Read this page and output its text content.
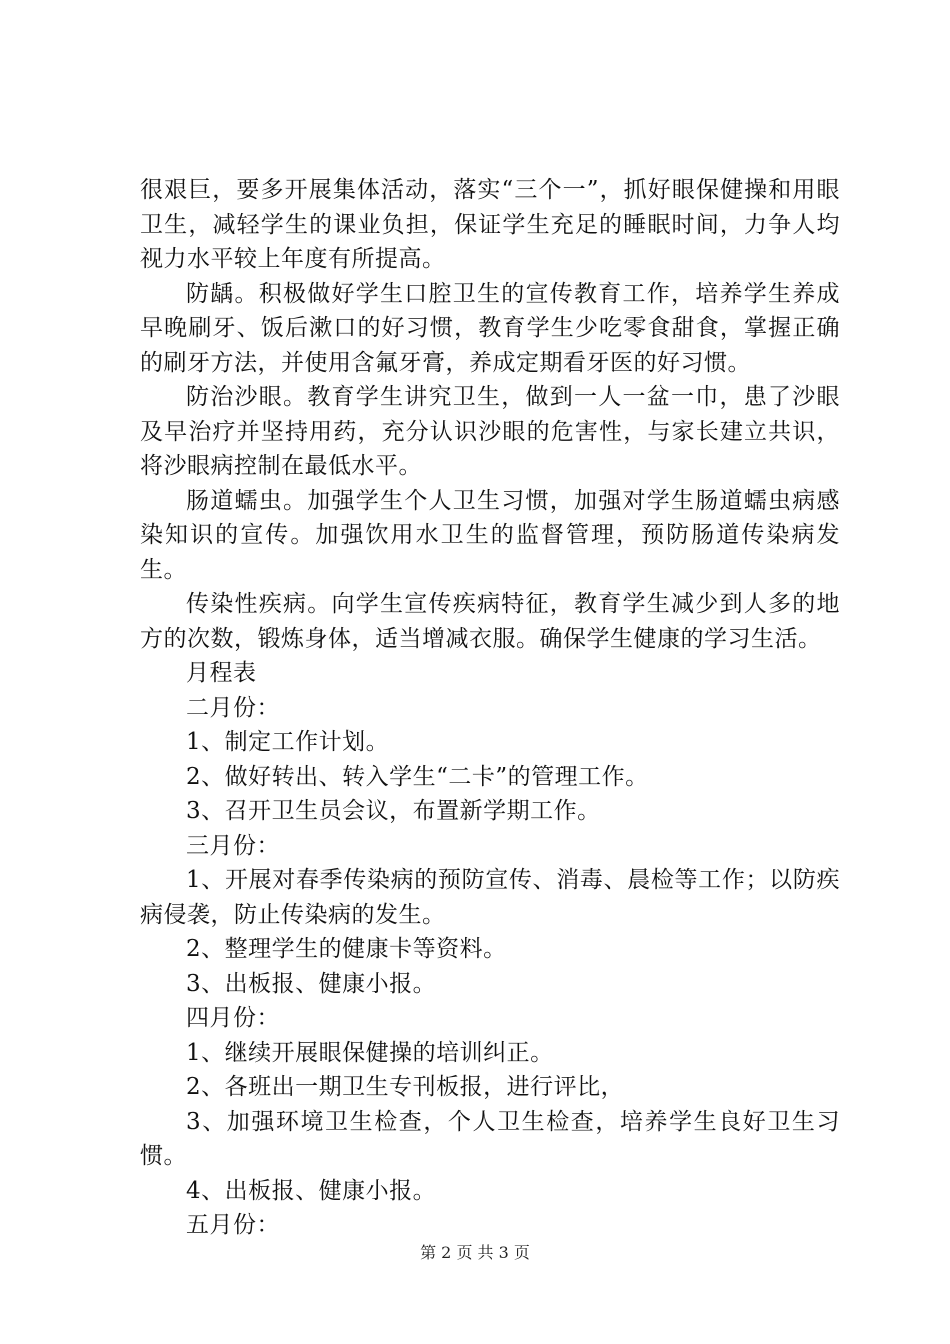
很艰巨，要多开展集体活动，落实“三个一”，抓好眼保健操和用眼卫生，减轻学生的课业负担，保证学生充足的睡眠时间，力争人均视力水平较上年度有所提高。

防龋。积极做好学生口腔卫生的宣传教育工作，培养学生养成早晚刷牙、饭后漱口的好习惯，教育学生少吃零食甜食，掌握正确的刷牙方法，并使用含氟牙膏，养成定期看牙医的好习惯。

防治沙眼。教育学生讲究卫生，做到一人一盆一巾，患了沙眼及早治疗并坚持用药，充分认识沙眼的危害性，与家长建立共识，将沙眼病控制在最低水平。

肠道蠕虫。加强学生个人卫生习惯，加强对学生肠道蠕虫病感染知识的宣传。加强饮用水卫生的监督管理，预防肠道传染病发生。

传染性疾病。向学生宣传疾病特征，教育学生减少到人多的地方的次数，锻炼身体，适当增减衣服。确保学生健康的学习生活。

月程表

二月份：

1、制定工作计划。

2、做好转出、转入学生“二卡”的管理工作。

3、召开卫生员会议，布置新学期工作。

三月份：

1、开展对春季传染病的预防宣传、消毒、晨检等工作；以防疾病侵袭，防止传染病的发生。

2、整理学生的健康卡等资料。

3、出板报、健康小报。

四月份：

1、继续开展眼保健操的培训纠正。

2、各班出一期卫生专刊板报，进行评比，

3、加强环境卫生检查，个人卫生检查，培养学生良好卫生习惯。

4、出板报、健康小报。

五月份：

第 2 页 共 3 页
